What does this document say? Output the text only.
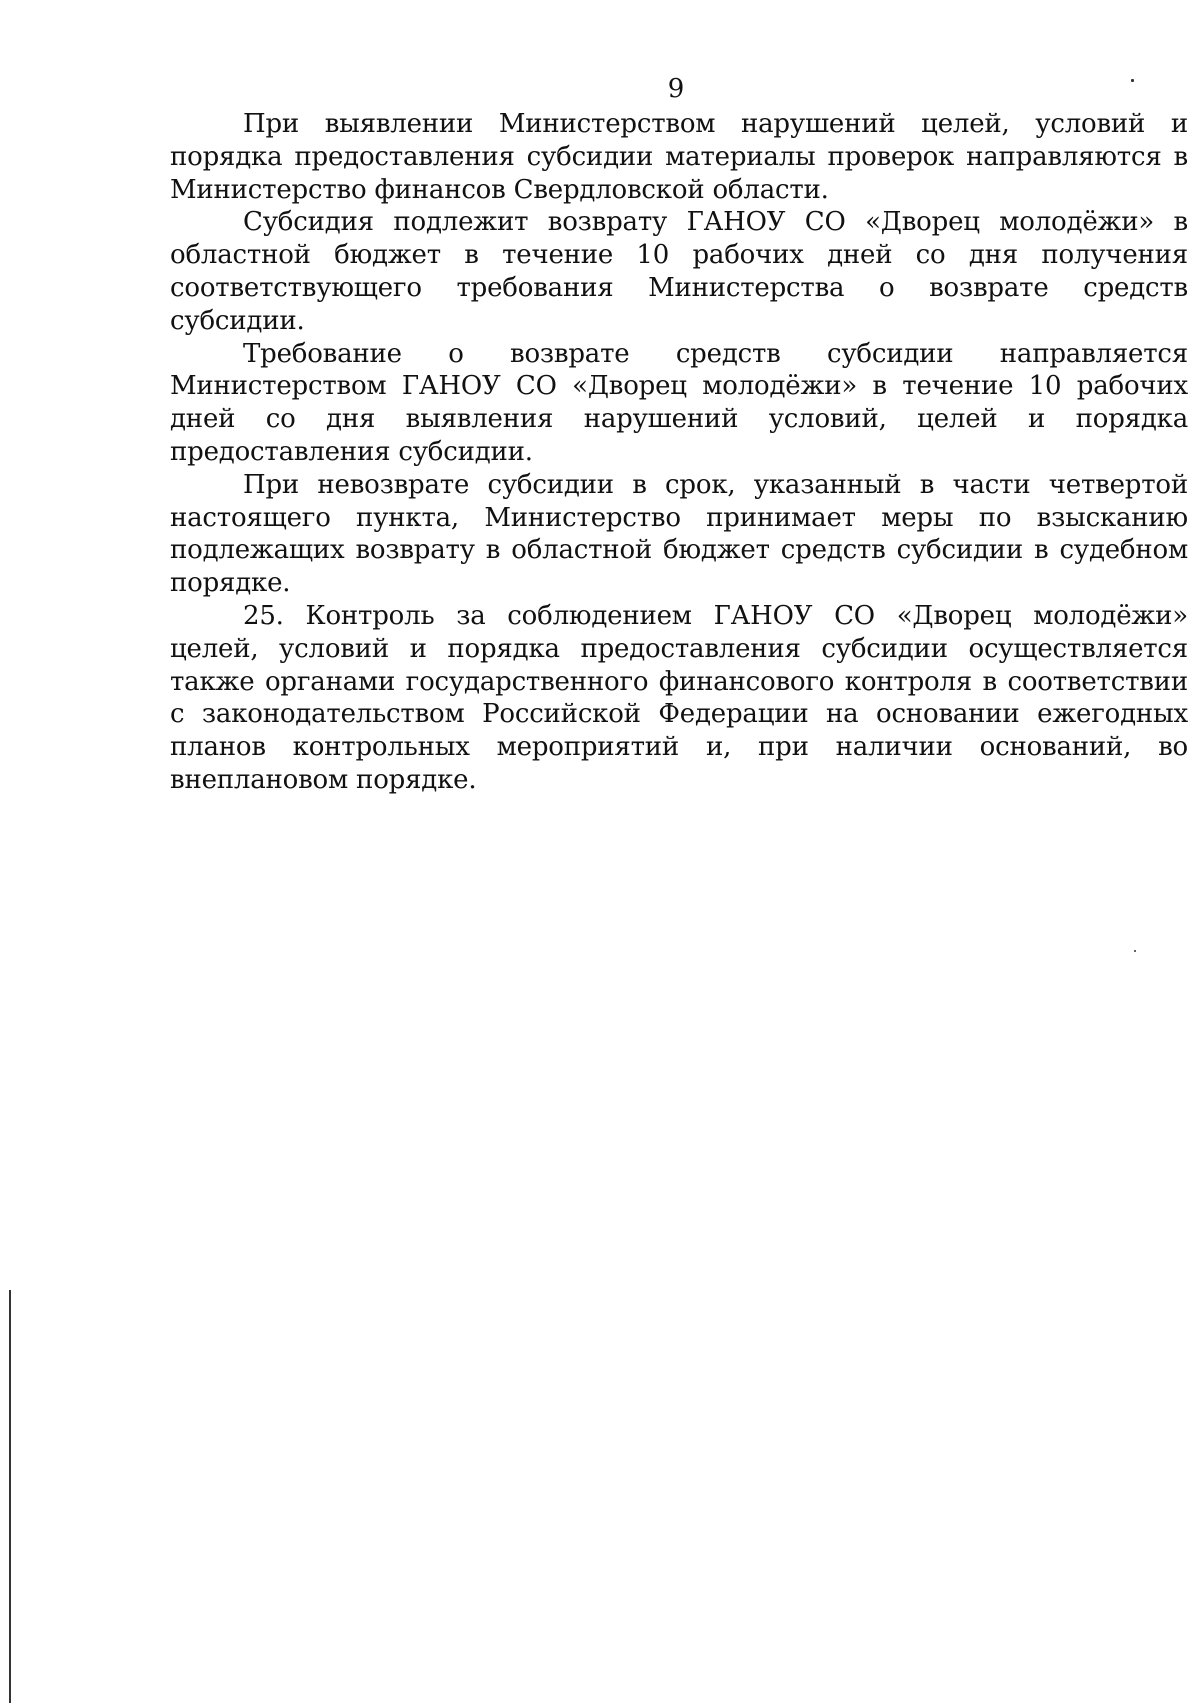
9

При выявлении Министерством нарушений целей, условий и порядка предоставления субсидии материалы проверок направляются в Министерство финансов Свердловской области.

Субсидия подлежит возврату ГАНОУ СО «Дворец молодёжи» в областной бюджет в течение 10 рабочих дней со дня получения соответствующего требования Министерства о возврате средств субсидии.

Требование о возврате средств субсидии направляется Министерством ГАНОУ СО «Дворец молодёжи» в течение 10 рабочих дней со дня выявления нарушений условий, целей и порядка предоставления субсидии.

При невозврате субсидии в срок, указанный в части четвертой настоящего пункта, Министерство принимает меры по взысканию подлежащих возврату в областной бюджет средств субсидии в судебном порядке.

25. Контроль за соблюдением ГАНОУ СО «Дворец молодёжи» целей, условий и порядка предоставления субсидии осуществляется также органами государственного финансового контроля в соответствии с законодательством Российской Федерации на основании ежегодных планов контрольных мероприятий и, при наличии оснований, во внеплановом порядке.
